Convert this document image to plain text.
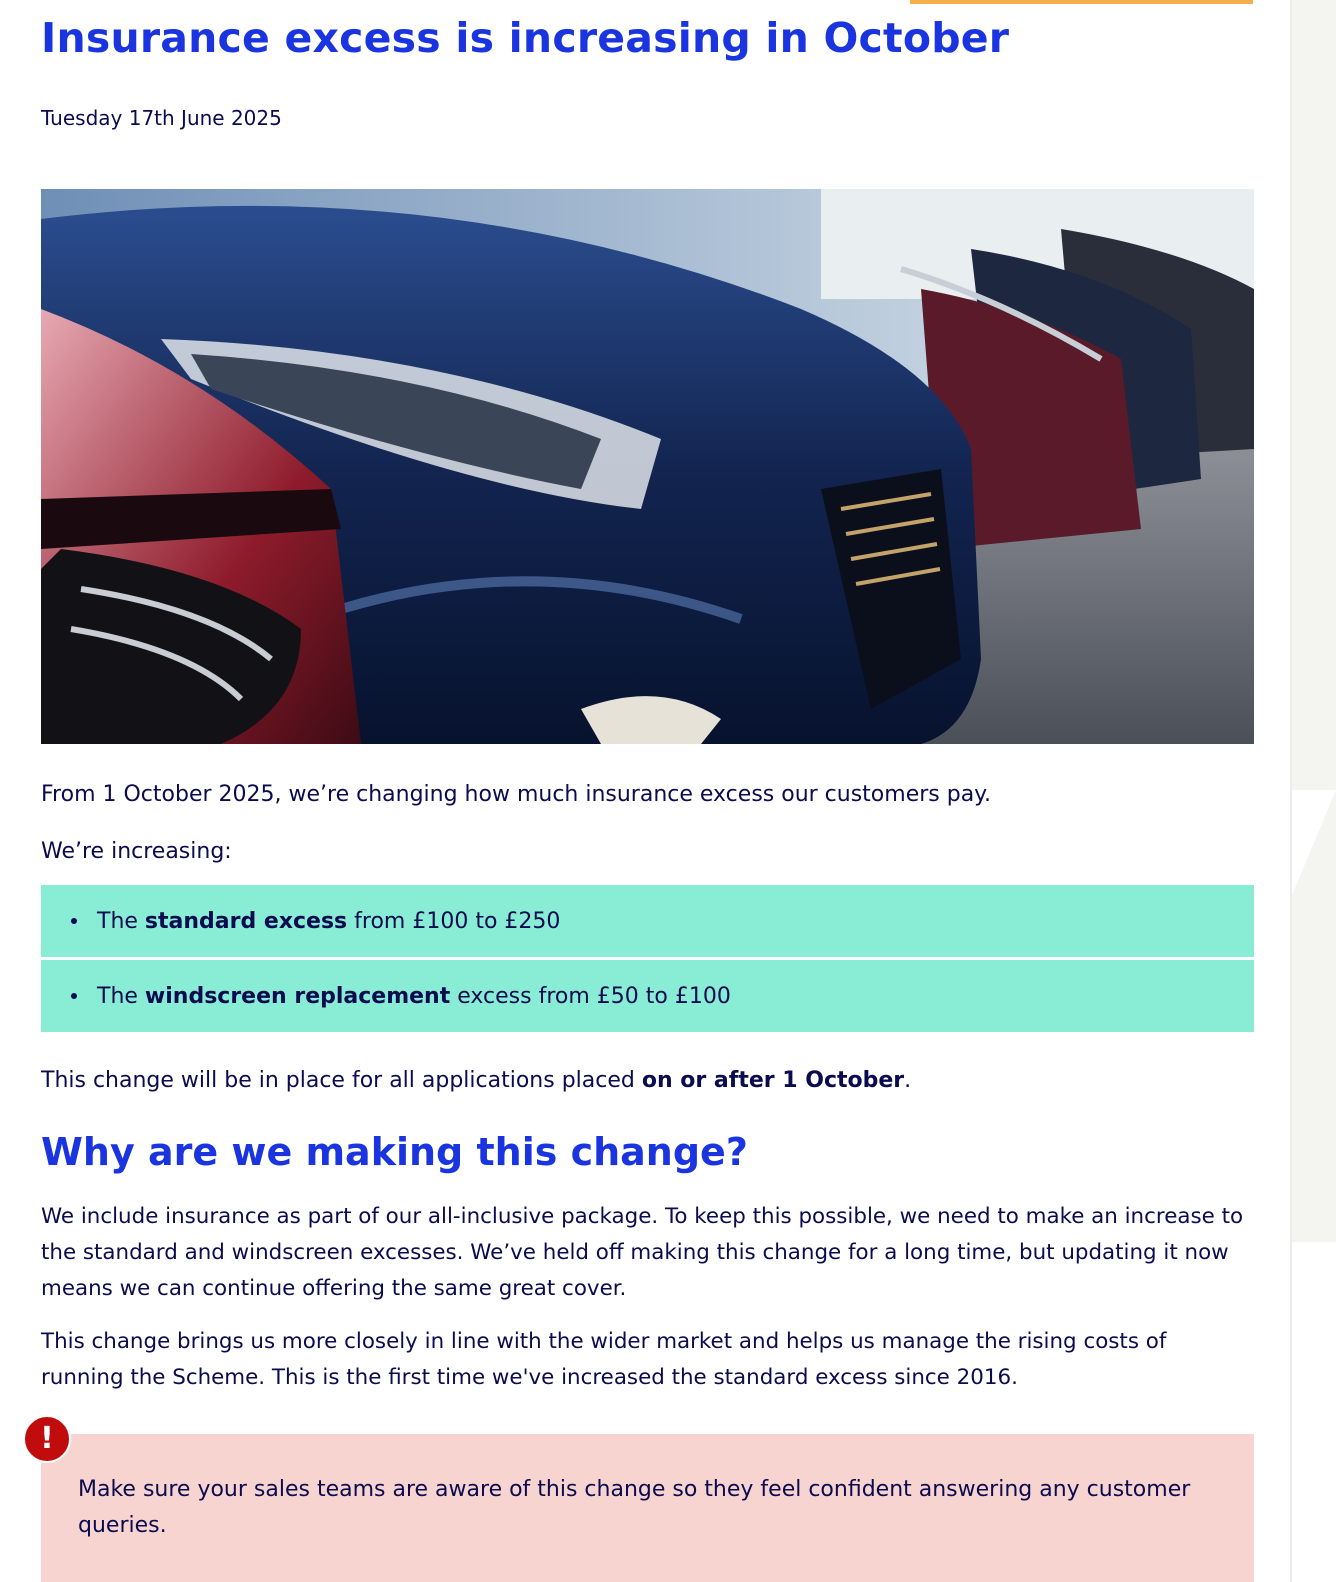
Insurance excess is increasing in October
Tuesday 17th June 2025

From 1 October 2025, we’re changing how much insurance excess our customers pay.

We’re increasing:

The standard excess from £100 to £250
The windscreen replacement excess from £50 to £100

This change will be in place for all applications placed on or after 1 October.

Why are we making this change?

We include insurance as part of our all-inclusive package. To keep this possible, we need to make an increase to the standard and windscreen excesses. We’ve held off making this change for a long time, but updating it now means we can continue offering the same great cover.

This change brings us more closely in line with the wider market and helps us manage the rising costs of running the Scheme. This is the first time we've increased the standard excess since 2016.

Make sure your sales teams are aware of this change so they feel confident answering any customer queries.
!
